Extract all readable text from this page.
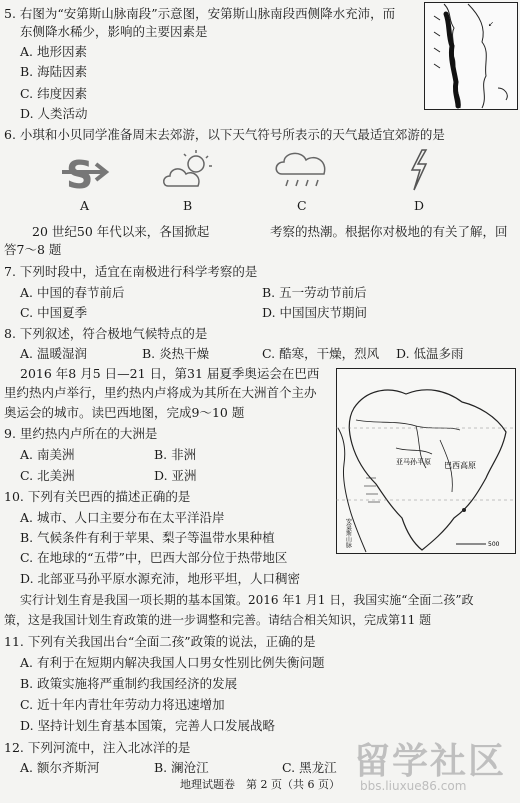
5. 右图为“安第斯山脉南段”示意图，安第斯山脉南段西侧降水充沛，而
东侧降水稀少，影响的主要因素是
A. 地形因素
B. 海陆因素
C. 纬度因素
D. 人类活动
↙
6. 小琪和小贝同学准备周末去郊游，以下天气符号所表示的天气最适宜郊游的是
S
A	B	C	D
20 世纪50 年代以来，各国掀起	考察的热潮。根据你对极地的有关了解，回
答7～8 题
7. 下列时段中，适宜在南极进行科学考察的是
A. 中国的春节前后	B. 五一劳动节前后
C. 中国夏季	D. 中国国庆节期间
8. 下列叙述，符合极地气候特点的是
A. 温暖湿润	B. 炎热干燥	C. 酷寒，干燥，烈风 D. 低温多雨
2016 年8 月5 日—21 日，第31 届夏季奥运会在巴西
里约热内卢举行，里约热内卢将成为其所在大洲首个主办
奥运会的城市。读巴西地图，完成9～10 题
亚马孙平原 巴西高原
安第斯山脉	500
9. 里约热内卢所在的大洲是
A. 南美洲	B. 非洲
C. 北美洲	D. 亚洲
10. 下列有关巴西的描述正确的是
A. 城市、人口主要分布在太平洋沿岸
B. 气候条件有利于苹果、梨子等温带水果种植
C. 在地球的“五带”中，巴西大部分位于热带地区
D. 北部亚马孙平原水源充沛，地形平坦，人口稠密
实行计划生育是我国一项长期的基本国策。2016 年1 月1 日，我国实施“全面二孩”政
策，这是我国计划生育政策的进一步调整和完善。请结合相关知识，完成第11 题
11. 下列有关我国出台“全面二孩”政策的说法，正确的是
A. 有利于在短期内解决我国人口男女性别比例失衡问题
B. 政策实施将严重制约我国经济的发展
C. 近十年内青壮年劳动力将迅速增加
D. 坚持计划生育基本国策，完善人口发展战略
12. 下列河流中，注入北冰洋的是
A. 额尔齐斯河	B. 澜沧江	C. 黑龙江
地理试题卷　第 2 页（共 6 页）
留学社区
bbs.liuxue86.com
